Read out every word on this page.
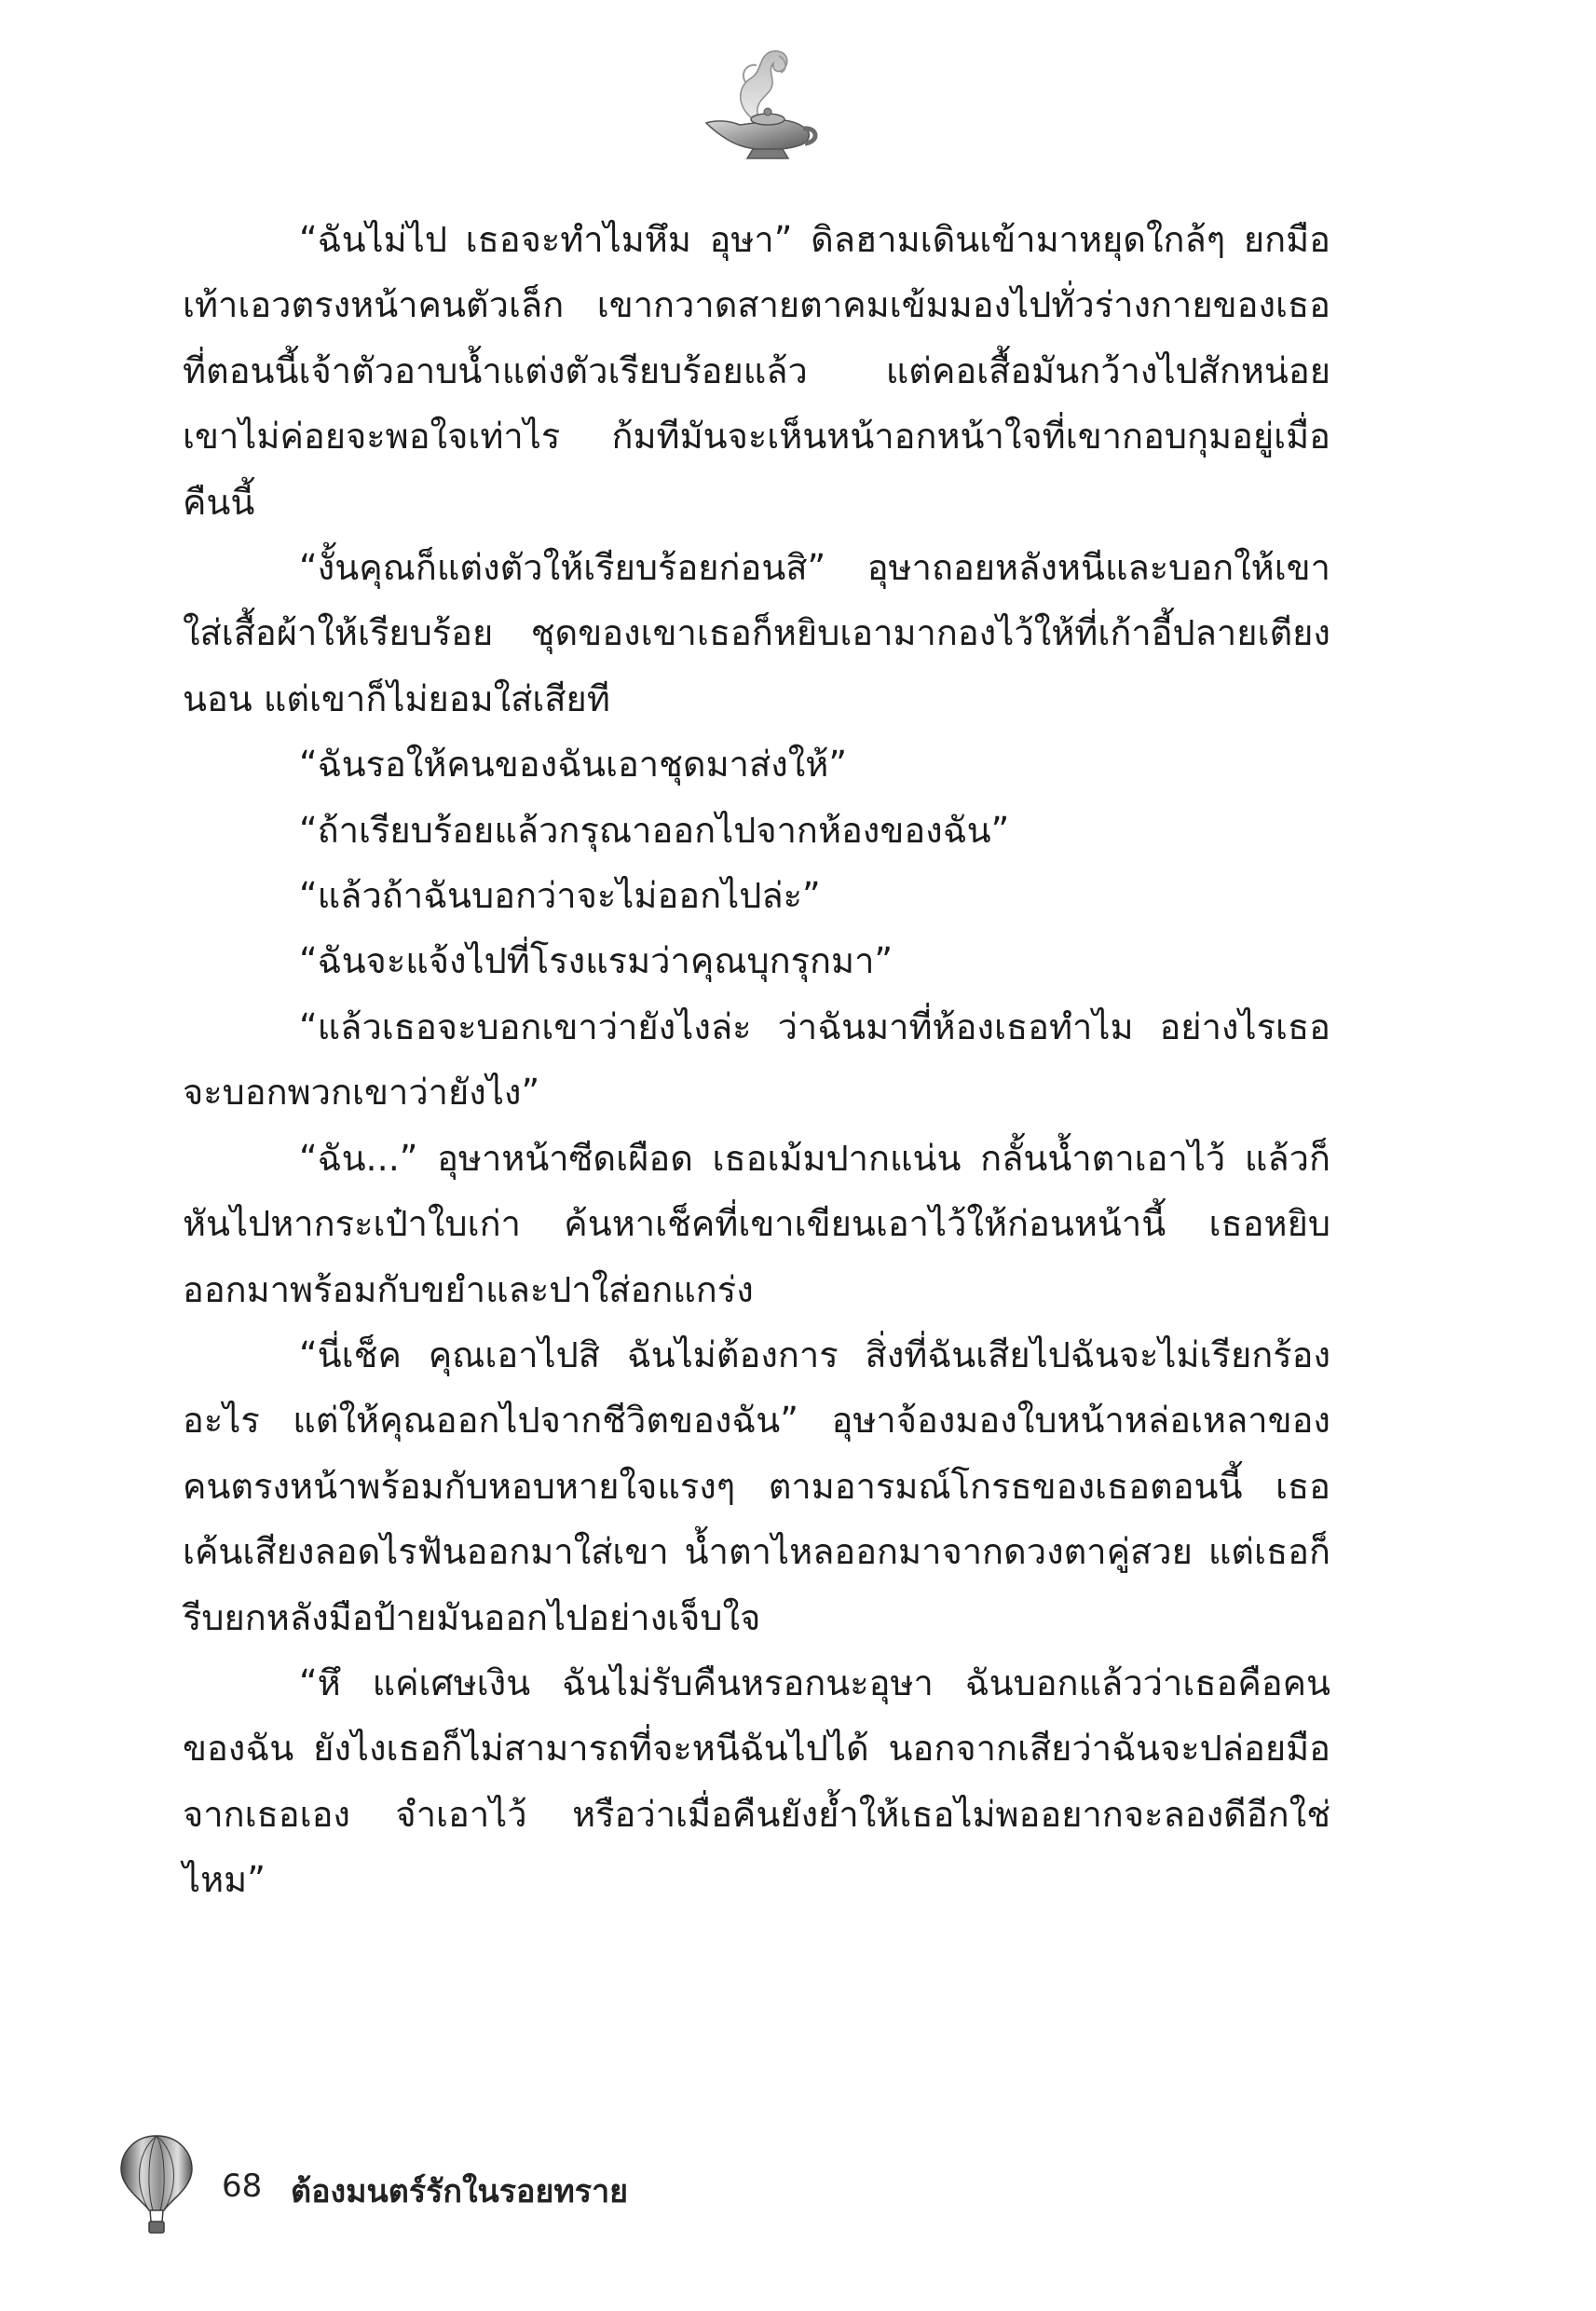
“ฉันไม่ไป เธอจะทำไมหึม อุษา” ดิลฮามเดินเข้ามาหยุดใกล้ๆ ยกมือเท้าเอวตรงหน้าคนตัวเล็ก เขากวาดสายตาคมเข้มมองไปทั่วร่างกายของเธอที่ตอนนี้เจ้าตัวอาบน้ำแต่งตัวเรียบร้อยแล้ว แต่คอเสื้อมันกว้างไปสักหน่อย เขาไม่ค่อยจะพอใจเท่าไร ก้มทีมันจะเห็นหน้าอกหน้าใจที่เขากอบกุมอยู่เมื่อคืนนี้

“งั้นคุณก็แต่งตัวให้เรียบร้อยก่อนสิ” อุษาถอยหลังหนีและบอกให้เขาใส่เสื้อผ้าให้เรียบร้อย ชุดของเขาเธอก็หยิบเอามากองไว้ให้ที่เก้าอี้ปลายเตียงนอน แต่เขาก็ไม่ยอมใส่เสียที

“ฉันรอให้คนของฉันเอาชุดมาส่งให้”

“ถ้าเรียบร้อยแล้วกรุณาออกไปจากห้องของฉัน”

“แล้วถ้าฉันบอกว่าจะไม่ออกไปล่ะ”

“ฉันจะแจ้งไปที่โรงแรมว่าคุณบุกรุกมา”

“แล้วเธอจะบอกเขาว่ายังไงล่ะ ว่าฉันมาที่ห้องเธอทำไม อย่างไรเธอจะบอกพวกเขาว่ายังไง”

“ฉัน...” อุษาหน้าซีดเผือด เธอเม้มปากแน่น กลั้นน้ำตาเอาไว้ แล้วก็หันไปหากระเป๋าใบเก่า ค้นหาเช็คที่เขาเขียนเอาไว้ให้ก่อนหน้านี้ เธอหยิบออกมาพร้อมกับขยำและปาใส่อกแกร่ง

“นี่เช็ค คุณเอาไปสิ ฉันไม่ต้องการ สิ่งที่ฉันเสียไปฉันจะไม่เรียกร้องอะไร แต่ให้คุณออกไปจากชีวิตของฉัน” อุษาจ้องมองใบหน้าหล่อเหลาของคนตรงหน้าพร้อมกับหอบหายใจแรงๆ ตามอารมณ์โกรธของเธอตอนนี้ เธอเค้นเสียงลอดไรฟันออกมาใส่เขา น้ำตาไหลออกมาจากดวงตาคู่สวย แต่เธอก็รีบยกหลังมือป้ายมันออกไปอย่างเจ็บใจ

“หึ แค่เศษเงิน ฉันไม่รับคืนหรอกนะอุษา ฉันบอกแล้วว่าเธอคือคนของฉัน ยังไงเธอก็ไม่สามารถที่จะหนีฉันไปได้ นอกจากเสียว่าฉันจะปล่อยมือจากเธอเอง จำเอาไว้ หรือว่าเมื่อคืนยังย้ำให้เธอไม่พออยากจะลองดีอีกใช่ไหม”

68 ต้องมนตร์รักในรอยทราย
